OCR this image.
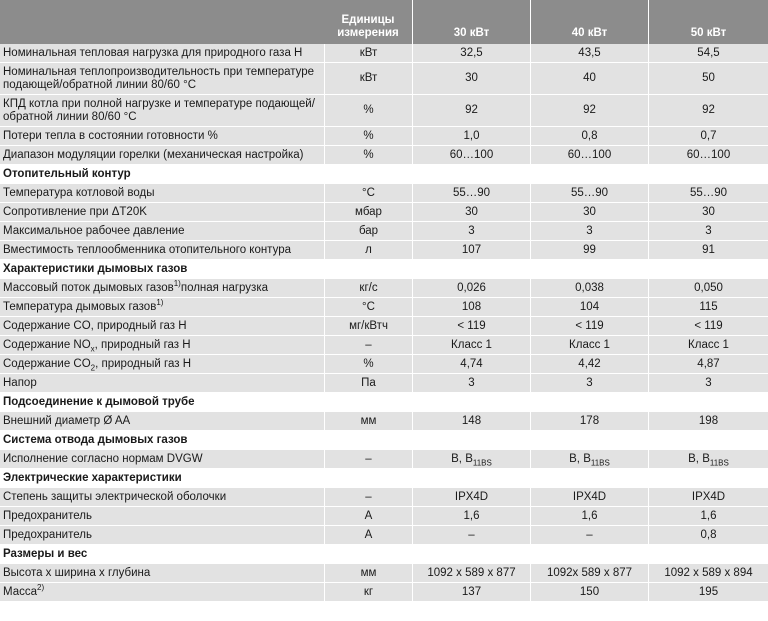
	Единицы измерения	30 кВт	40 кВт	50 кВт
Номинальная тепловая нагрузка для природного газа H	кВт	32,5	43,5	54,5
Номинальная теплопроизводительность при температуре подающей/обратной линии 80/60 °С	кВт	30	40	50
КПД котла при полной нагрузке и температуре подающей/обратной линии 80/60 °С	%	92	92	92
Потери тепла в состоянии готовности %	%	1,0	0,8	0,7
Диапазон модуляции горелки (механическая настройка)	%	60…100	60…100	60…100
Отопительный контур				
Температура котловой воды	°С	55…90	55…90	55…90
Сопротивление при ΔT20K	мбар	30	30	30
Максимальное рабочее давление	бар	3	3	3
Вместимость теплообменника отопительного контура	л	107	99	91
Характеристики дымовых газов				
Массовый поток дымовых газов$^{1)}$полная нагрузка	кг/с	0,026	0,038	0,050
Температура дымовых газов$^{1)}$	°С	108	104	115
Содержание CO, природный газ H	мг/кВтч	< 119	< 119	< 119
Содержание $NO_x$, природный газ H	–	Класс 1	Класс 1	Класс 1
Содержание $CO_2$, природный газ H	%	4,74	4,42	4,87
Напор	Па	3	3	3
Подсоединение к дымовой трубе				
Внешний диаметр Ø AA	мм	148	178	198
Система отвода дымовых газов				
Исполнение согласно нормам DVGW	–	B, $B_{11BS}$	B, $B_{11BS}$	B, $B_{11BS}$
Электрические характеристики				
Степень защиты электрической оболочки	–	IPX4D	IPX4D	IPX4D
Предохранитель	A	1,6	1,6	1,6
Предохранитель	A	–	–	0,8
Размеры и вес				
Высота x ширина x глубина	мм	1092 x 589 x 877	1092x 589 x 877	1092 x 589 x 894
Масса$^{2)}$	кг	137	150	195
